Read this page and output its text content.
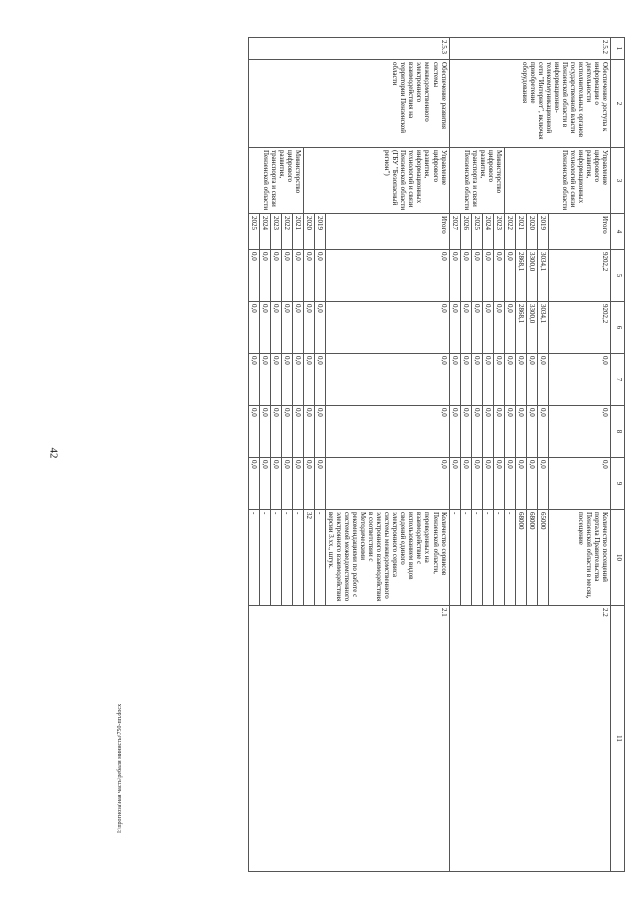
42
I:\прогноза\ная часть\ребаля министы\750-пп.docx
1	2	3	4	5	6	7	8	9	10	11
2.5.2	Обеспечение доступа к информации о деятельности исполнительных органов государственной власти Пензенской области в информационно-телекоммуникационной сети "Интернет", включая приобретение оборудования	Управление цифрового развития, информационных технологий и связи Пензенской области	Итого	9202,2	9202,2	0,0	0,0	0,0	Количество посещений портала Правительства Пензенской области в месяц, посещение	2.2
			2019	3034,1	3034,1	0,0	0,0	0,0	65000	
			2020	3300,0	3300,0	0,0	0,0	0,0	68000	
			2021	2868,1	2868,1	0,0	0,0	0,0	68000	
			2022	0,0	0,0	0,0	0,0	0,0	-	
		Министерство цифрового развития, транспорта и связи Пензенской области	2023	0,0	0,0	0,0	0,0	0,0	-	
			2024	0,0	0,0	0,0	0,0	0,0	-	
			2025	0,0	0,0	0,0	0,0	0,0	-	
			2026	0,0	0,0	0,0	0,0	0,0	-	
			2027	0,0	0,0	0,0	0,0	0,0	-	
2.5.3	Обеспечение развития системы межведомственного электронного взаимодействия на территории Пензенской области	Управление цифрового развития, информационных технологий и связи Пензенской области (ГБУ "Безопасный регион")	Итого	0,0	0,0	0,0	0,0	0,0	Количество сервисов Пензенской области, переведенных на взаимодействие с использованием видов сведений единого электронного сервиса системы межведомственного электронного взаимодействия в соответствии с Методическими рекомендациями по работе с системой межведомственного электронного взаимодействия версии 3.хх., штук.	2.1
			2019	0,0	0,0	0,0	0,0	0,0	-	
			2020	0,0	0,0	0,0	0,0	0,0	32	
		Министерство цифрового развития, транспорта и связи Пензенской области	2021	0,0	0,0	0,0	0,0	0,0	-	
			2022	0,0	0,0	0,0	0,0	0,0	-	
			2023	0,0	0,0	0,0	0,0	0,0	-	
			2024	0,0	0,0	0,0	0,0	0,0	-	
			2025	0,0	0,0	0,0	0,0	0,0	-	
